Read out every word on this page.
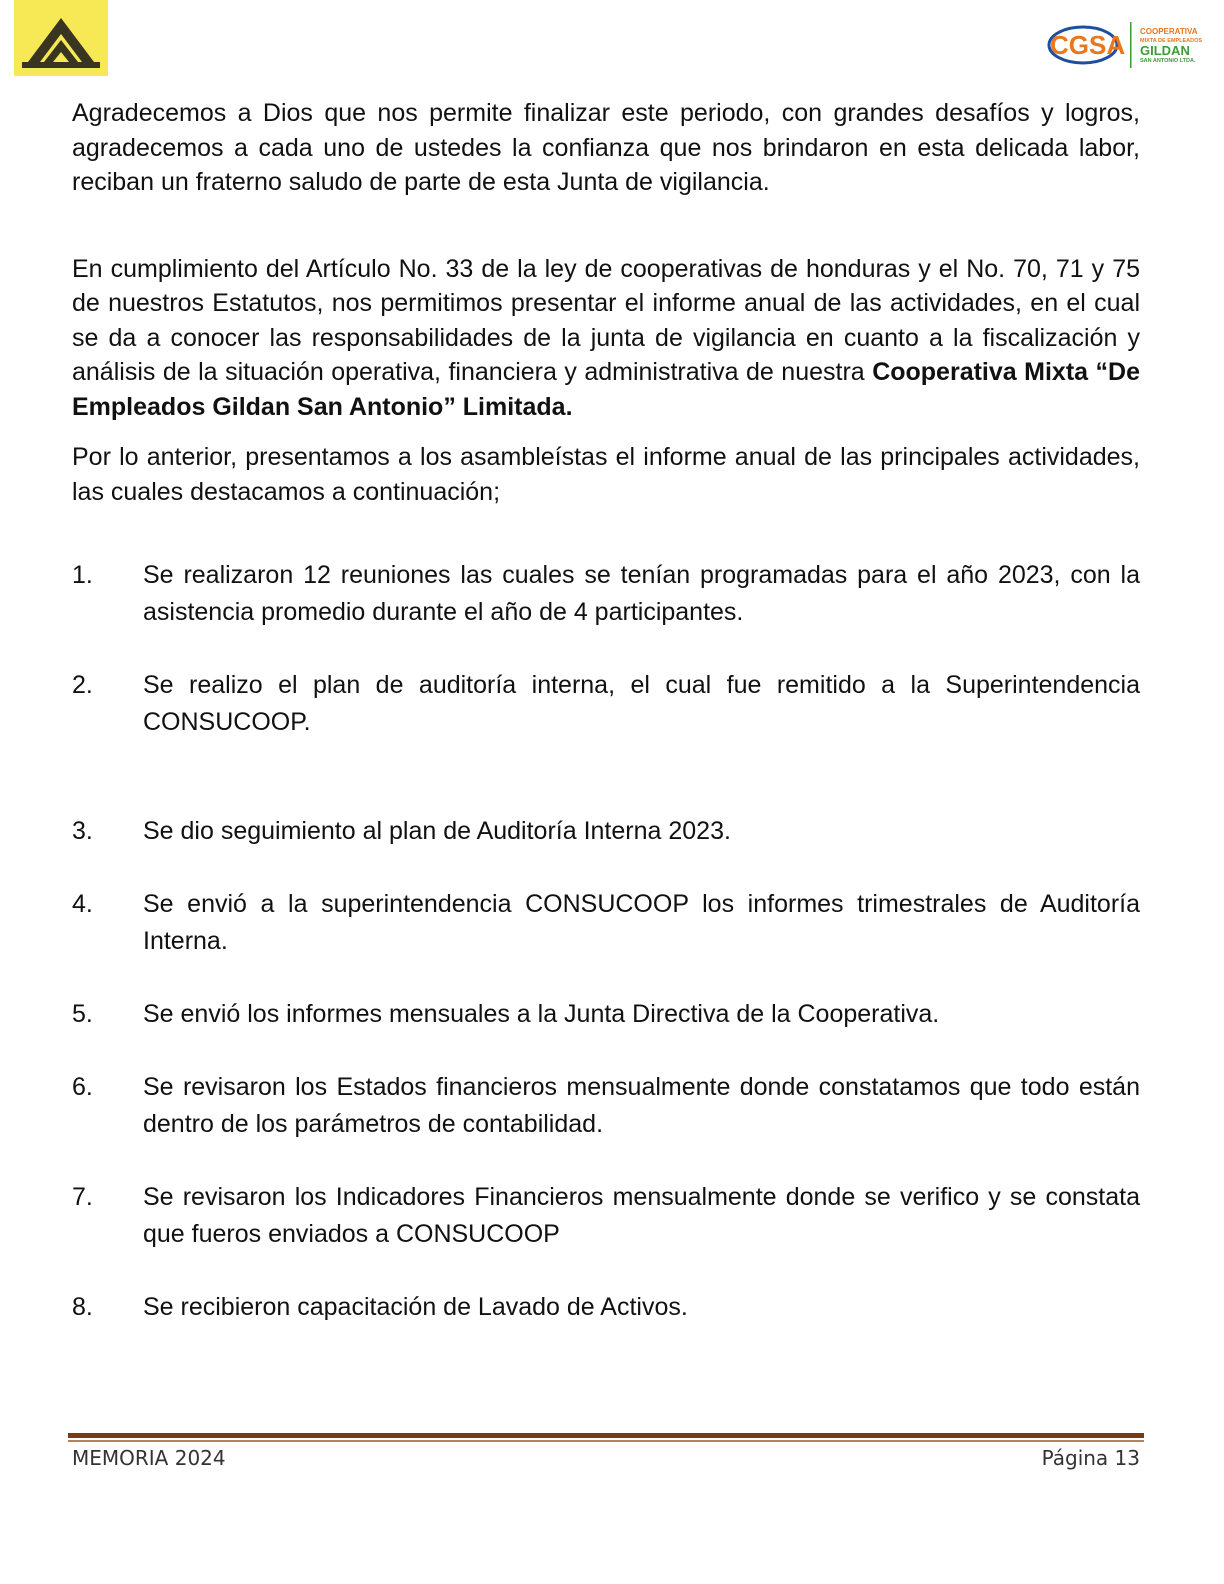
CGSA COOPERATIVA
MIXTA DE EMPLEADOS
GILDAN
SAN ANTONIO LTDA.

Agradecemos a Dios que nos permite finalizar este periodo, con grandes desafíos y logros, agradecemos a cada uno de ustedes la confianza que nos brindaron en esta delicada labor, reciban un fraterno saludo de parte de esta Junta de vigilancia.

En cumplimiento del Artículo No. 33 de la ley de cooperativas de honduras y el No. 70, 71 y 75 de nuestros Estatutos, nos permitimos presentar el informe anual de las actividades, en el cual se da a conocer las responsabilidades de la junta de vigilancia en cuanto a la fiscalización y análisis de la situación operativa, financiera y administrativa de nuestra Cooperativa Mixta “De Empleados Gildan San Antonio” Limitada.

Por lo anterior, presentamos a los asambleístas el informe anual de las principales actividades, las cuales destacamos a continuación;

1.	Se realizaron 12 reuniones las cuales se tenían programadas para el año 2023, con la asistencia promedio durante el año de 4 participantes.
2.	Se realizo el plan de auditoría interna, el cual fue remitido a la Superintendencia CONSUCOOP.
3.	Se dio seguimiento al plan de Auditoría Interna 2023.
4.	Se envió a la superintendencia CONSUCOOP los informes trimestrales de Auditoría Interna.
5.	Se envió los informes mensuales a la Junta Directiva de la Cooperativa.
6.	Se revisaron los Estados financieros mensualmente donde constatamos que todo están dentro de los parámetros de contabilidad.
7.	Se revisaron los Indicadores Financieros mensualmente donde se verifico y se constata que fueros enviados a CONSUCOOP
8.	Se recibieron capacitación de Lavado de Activos.
MEMORIA 2024	Página 13
